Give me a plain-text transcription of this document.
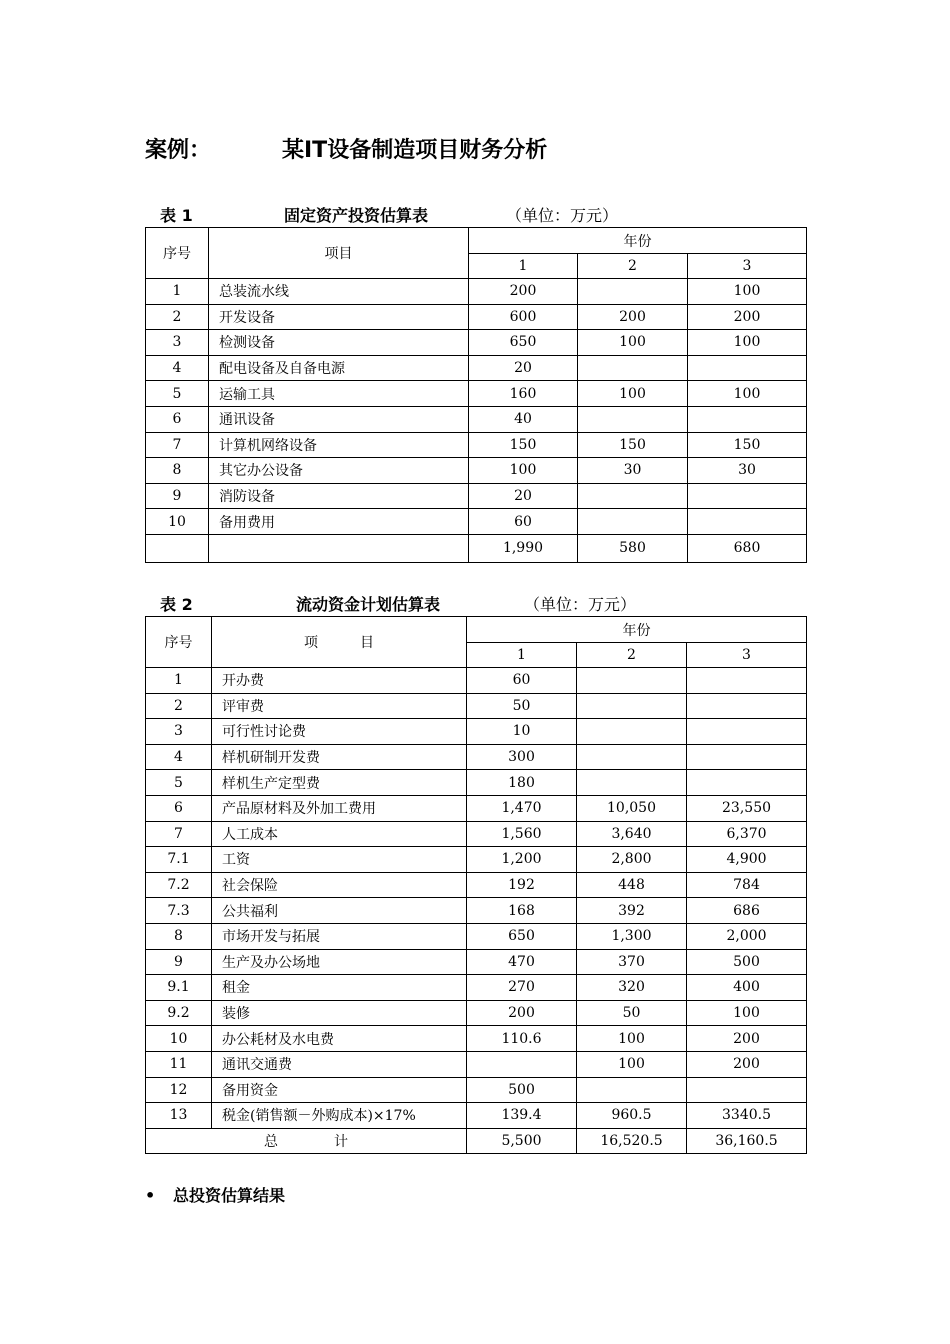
案例：	某IT设备制造项目财务分析
表 1	固定资产投资估算表	（单位：万元）
序号	项目	年份		
		1	2	3
1	总装流水线	200		100
2	开发设备	600	200	200
3	检测设备	650	100	100
4	配电设备及自备电源	20		
5	运输工具	160	100	100
6	通讯设备	40		
7	计算机网络设备	150	150	150
8	其它办公设备	100	30	30
9	消防设备	20		
10	备用费用	60		
		1,990	580	680
表 2	流动资金计划估算表	（单位：万元）
序号	项　　　目	年份		
		1	2	3
1	开办费	60		
2	评审费	50		
3	可行性讨论费	10		
4	样机研制开发费	300		
5	样机生产定型费	180		
6	产品原材料及外加工费用	1,470	10,050	23,550
7	人工成本	1,560	3,640	6,370
7.1	工资	1,200	2,800	4,900
7.2	社会保险	192	448	784
7.3	公共福利	168	392	686
8	市场开发与拓展	650	1,300	2,000
9	生产及办公场地	470	370	500
9.1	租金	270	320	400
9.2	装修	200	50	100
10	办公耗材及水电费	110.6	100	200
11	通讯交通费		100	200
12	备用资金	500		
13	税金(销售额－外购成本)×17%	139.4	960.5	3340.5
总　　　　计		5,500	16,520.5	36,160.5
• 总投资估算结果
